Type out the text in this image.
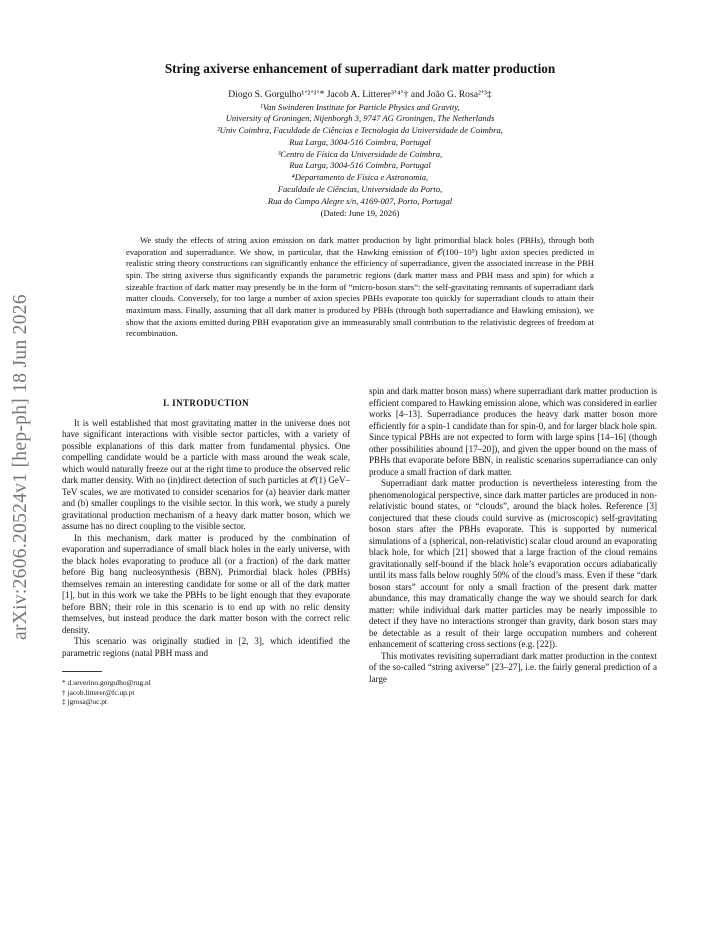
arXiv:2606.20524v1 [hep-ph] 18 Jun 2026
String axiverse enhancement of superradiant dark matter production
Diogo S. Gorgulho¹ʼ²ʼ³ʼ* Jacob A. Litterer³ʼ⁴ʼ† and João G. Rosa²ʼ³‡
¹Van Swinderen Institute for Particle Physics and Gravity,
University of Groningen, Nijenborgh 3, 9747 AG Groningen, The Netherlands
²Univ Coimbra, Faculdade de Ciências e Tecnologia da Universidade de Coimbra,
Rua Larga, 3004-516 Coimbra, Portugal
³Centro de Física da Universidade de Coimbra,
Rua Larga, 3004-516 Coimbra, Portugal
⁴Departamento de Física e Astronomia,
Faculdade de Ciências, Universidade do Porto,
Rua do Campo Alegre s/n, 4169-007, Porto, Portugal
(Dated: June 19, 2026)
We study the effects of string axion emission on dark matter production by light primordial black holes (PBHs), through both evaporation and superradiance. We show, in particular, that the Hawking emission of 𝒪(100−10⁵) light axion species predicted in realistic string theory constructions can significantly enhance the efficiency of superradiance, given the associated increase in the PBH spin. The string axiverse thus significantly expands the parametric regions (dark matter mass and PBH mass and spin) for which a sizeable fraction of dark matter may presently be in the form of “micro-boson stars”: the self-gravitating remnants of superradiant dark matter clouds. Conversely, for too large a number of axion species PBHs evaporate too quickly for superradiant clouds to attain their maximum mass. Finally, assuming that all dark matter is produced by PBHs (through both superradiance and Hawking emission), we show that the axions emitted during PBH evaporation give an immeasurably small contribution to the relativistic degrees of freedom at recombination.
I. INTRODUCTION

It is well established that most gravitating matter in the universe does not have significant interactions with visible sector particles, with a variety of possible explanations of this dark matter from fundamental physics. One compelling candidate would be a particle with mass around the weak scale, which would naturally freeze out at the right time to produce the observed relic dark matter density. With no (in)direct detection of such particles at 𝒪(1) GeV–TeV scales, we are motivated to consider scenarios for (a) heavier dark matter and (b) smaller couplings to the visible sector. In this work, we study a purely gravitational production mechanism of a heavy dark matter boson, which we assume has no direct coupling to the visible sector.

In this mechanism, dark matter is produced by the combination of evaporation and superradiance of small black holes in the early universe, with the black holes evaporating to produce all (or a fraction) of the dark matter before Big bang nucleosynthesis (BBN). Primordial black holes (PBHs) themselves remain an interesting candidate for some or all of the dark matter [1], but in this work we take the PBHs to be light enough that they evaporate before BBN; their role in this scenario is to end up with no relic density themselves, but instead produce the dark matter boson with the correct relic density.

This scenario was originally studied in [2, 3], which identified the parametric regions (natal PBH mass and

* d.severino.gorgulho@rug.nl
† jacob.litterer@fc.up.pt
‡ jgrosa@uc.pt

spin and dark matter boson mass) where superradiant dark matter production is efficient compared to Hawking emission alone, which was considered in earlier works [4–13]. Superradiance produces the heavy dark matter boson more efficiently for a spin-1 candidate than for spin-0, and for larger black hole spin. Since typical PBHs are not expected to form with large spins [14–16] (though other possibilities abound [17–20]), and given the upper bound on the mass of PBHs that evaporate before BBN, in realistic scenarios superradiance can only produce a small fraction of dark matter.

Superradiant dark matter production is nevertheless interesting from the phenomenological perspective, since dark matter particles are produced in non-relativistic bound states, or “clouds”, around the black holes. Reference [3] conjectured that these clouds could survive as (microscopic) self-gravitating boson stars after the PBHs evaporate. This is supported by numerical simulations of a (spherical, non-relativistic) scalar cloud around an evaporating black hole, for which [21] showed that a large fraction of the cloud remains gravitationally self-bound if the black hole’s evaporation occurs adiabatically until its mass falls below roughly 50% of the cloud’s mass. Even if these “dark boson stars” account for only a small fraction of the present dark matter abundance, this may dramatically change the way we should search for dark matter: while individual dark matter particles may be nearly impossible to detect if they have no interactions stronger than gravity, dark boson stars may be detectable as a result of their large occupation numbers and coherent enhancement of scattering cross sections (e.g. [22]).

This motivates revisiting superradiant dark matter production in the context of the so-called “string axiverse” [23–27], i.e. the fairly general prediction of a large
